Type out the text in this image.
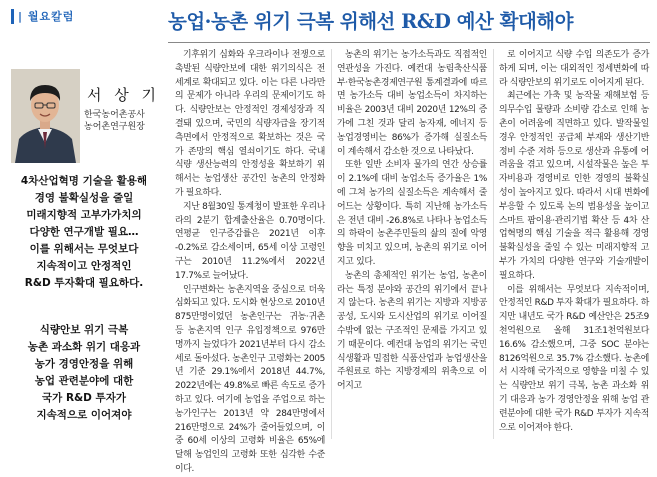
| 월요칼럼	농업·농촌 위기 극복 위해선 R&D 예산 확대해야
서 상 기
한국농어촌공사
농어촌연구원장
4차산업혁명 기술을 활용해
경영 불확실성을 줄일
미래지향적 고부가가치의
다양한 연구개발 필요…
이를 위해서는 무엇보다
지속적이고 안정적인
R&D 투자확대 필요하다.
식량안보 위기 극복
농촌 과소화 위기 대응과
농가 경영안정을 위해
농업 관련분야에 대한
국가 R&D 투자가
지속적으로 이어져야

기후위기 심화와 우크라이나 전쟁으로 촉발된 식량안보에 대한 위기의식은 전 세계로 확대되고 있다. 이는 다른 나라만의 문제가 아니라 우리의 문제이기도 하다. 식량안보는 안정적인 경제성장과 직결돼 있으며, 국민의 식량자급을 장기적 측면에서 안정적으로 확보하는 것은 국가 존망의 핵심 열쇠이기도 하다. 국내 식량 생산능력의 안정성을 확보하기 위해서는 농업생산 공간인 농촌의 안정화가 필요하다.

지난 8월30일 통계청이 발표한 우리나라의 2분기 합계출산율은 0.70명이다. 연평균 인구증감률은 2021년 이후 -0.2%로 감소세이며, 65세 이상 고령인구는 2010년 11.2%에서 2022년 17.7%로 늘어났다.

인구변화는 농촌지역을 중심으로 더욱 심화되고 있다. 도시화 현상으로 2010년 875만명이었던 농촌인구는 귀농·귀촌 등 농촌지역 인구 유입정책으로 976만명까지 늘었다가 2021년부터 다시 감소세로 돌아섰다. 농촌인구 고령화는 2005년 기준 29.1%에서 2018년 44.7%, 2022년에는 49.8%로 빠른 속도로 증가하고 있다. 여기에 농업을 주업으로 하는 농가인구는 2013년 약 284만명에서 216만명으로 24%가 줄어들었으며, 이 중 60세 이상의 고령화 비율은 65%에 달해 농업인의 고령화 또한 심각한 수준이다.

농촌의 위기는 농가소득과도 직접적인 연관성을 가진다. 예컨대 농림축산식품부·한국농촌경제연구원 통계결과에 따르면 농가소득 대비 농업소득이 차지하는 비율은 2003년 대비 2020년 12%의 증가에 그친 것과 달리 농자재, 에너지 등 농업경영비는 86%가 증가해 실질소득이 계속해서 감소한 것으로 나타났다.

또한 일반 소비자 물가의 연간 상승률이 2.1%에 대비 농업소득 증가율은 1%에 그쳐 농가의 실질소득은 계속해서 줄어드는 상황이다. 특히 지난해 농가소득은 전년 대비 -26.8%로 나타나 농업소득의 하락이 농촌주민들의 삶의 질에 악영향을 미치고 있으며, 농촌의 위기로 이어지고 있다.

농촌의 총체적인 위기는 농업, 농촌이라는 특정 분야와 공간의 위기에서 끝나지 않는다. 농촌의 위기는 지방과 지방공공성, 도시와 도시산업의 위기로 이어질 수밖에 없는 구조적인 문제를 가지고 있기 때문이다. 예컨대 농업의 위기는 국민 식생활과 밀접한 식품산업과 농업생산을 주원료로 하는 지방경제의 위축으로 이어지고

로 이어지고 식량 수입 의존도가 증가하게 되며, 이는 대외적인 정세변화에 따라 식량안보의 위기로도 이어지게 된다.

최근에는 가축 및 농작물 재해보험 등 의무수입 물량과 소비량 감소로 인해 농촌이 어려움에 직면하고 있다. 발작물일 경우 안정적인 공급체 부재와 생산기반 정비 수준 저하 등으로 생산과 유통에 어려움을 겪고 있으며, 시설작물은 높은 투자비용과 경영비로 인한 경영의 불확실성이 높아지고 있다. 따라서 시대 변화에 부응할 수 있도록 논의 범용성을 높이고 스마트 팜이용·관리기법 확산 등 4차 산업혁명의 핵심 기술을 적극 활용해 경영 불확실성을 줄일 수 있는 미래지향적 고부가 가치의 다양한 연구와 기술개발이 필요하다.

이를 위해서는 무엇보다 지속적이며, 안정적인 R&D 투자 확대가 필요하다. 하지만 내년도 국가 R&D 예산안은 25조9천억원으로 올해 31조1천억원보다 16.6% 감소했으며, 그중 SOC 분야는 8126억원으로 35.7% 감소했다. 농촌에서 시작해 국가적으로 영향을 미칠 수 있는 식량안보 위기 극복, 농촌 과소화 위기 대응과 농가 경영안정을 위해 농업 관련분야에 대한 국가 R&D 투자가 지속적으로 이어져야 한다.
